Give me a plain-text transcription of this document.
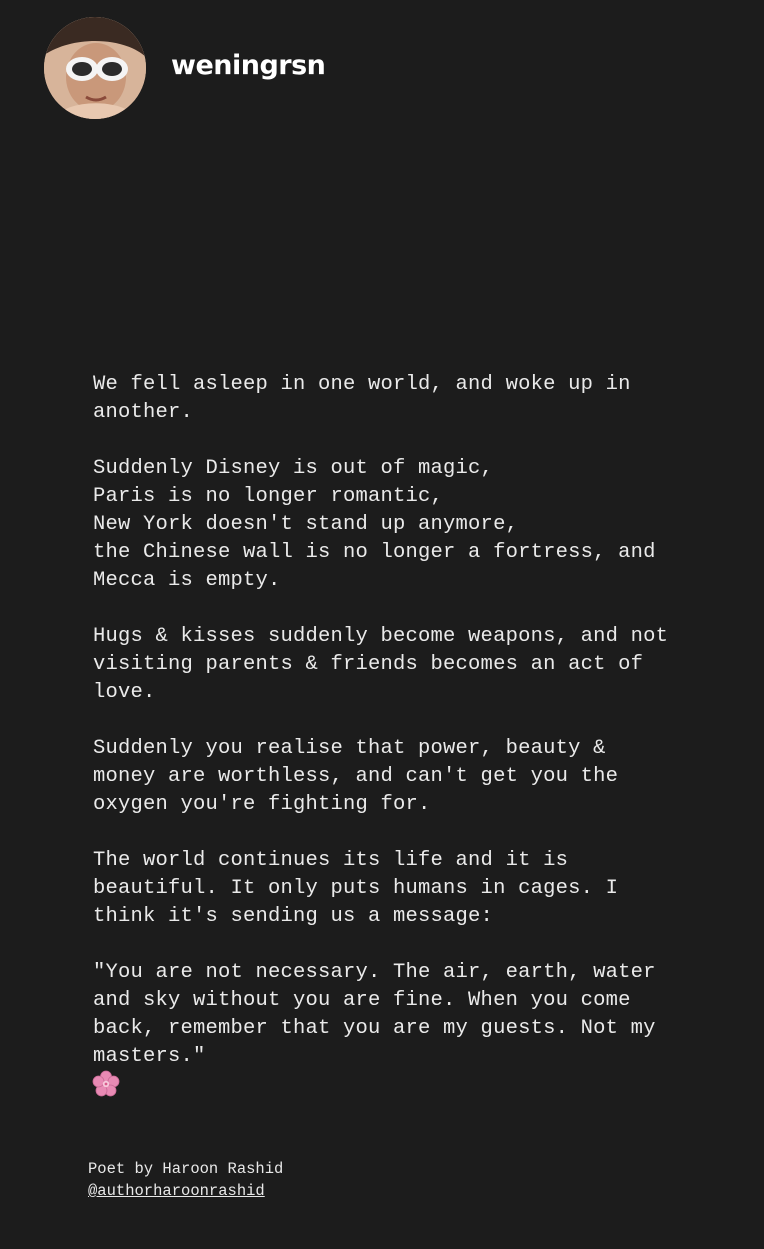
weningrsn

We fell asleep in one world, and woke up in
another.

Suddenly Disney is out of magic,
Paris is no longer romantic,
New York doesn't stand up anymore,
the Chinese wall is no longer a fortress, and
Mecca is empty.

Hugs & kisses suddenly become weapons, and not
visiting parents & friends becomes an act of
love.

Suddenly you realise that power, beauty &
money are worthless, and can't get you the
oxygen you're fighting for.

The world continues its life and it is
beautiful. It only puts humans in cages. I
think it's sending us a message:

"You are not necessary. The air, earth, water
and sky without you are fine. When you come
back, remember that you are my guests. Not my
masters."

Poet by Haroon Rashid
@authorharoonrashid
